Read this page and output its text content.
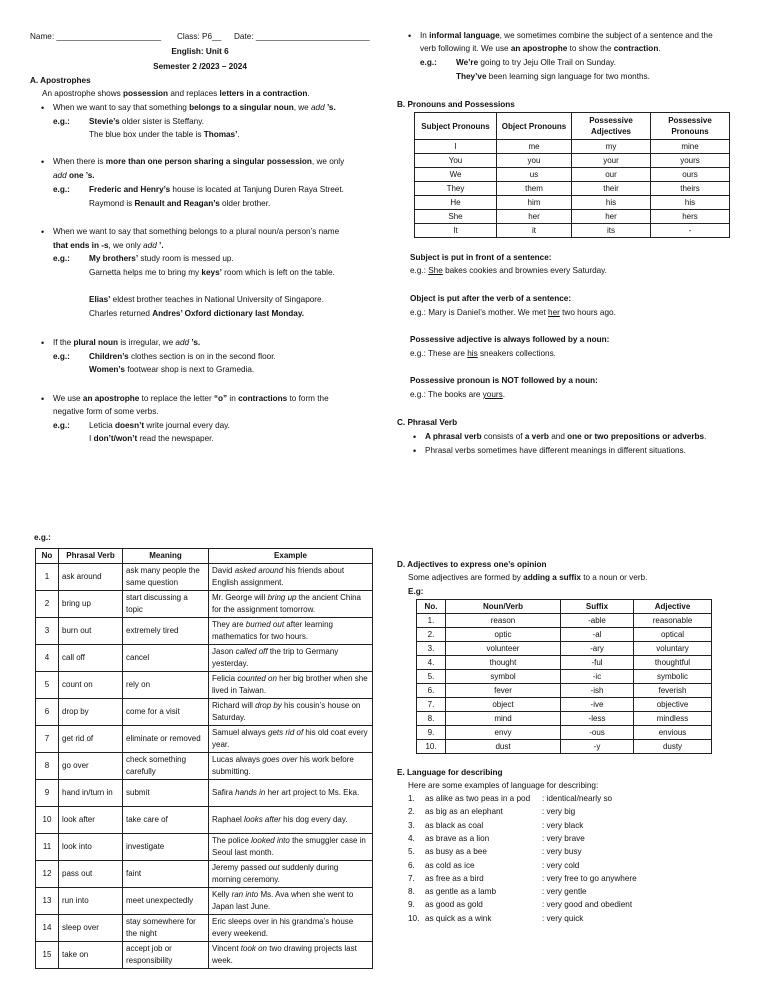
Name: _______________________ Class: P6__ Date: _________________________
English: Unit 6
Semester 2 /2023 – 2024
A. Apostrophes
An apostrophe shows possession and replaces letters in a contraction.
• When we want to say that something belongs to a singular noun, we add ’s.
e.g.: Stevie’s older sister is Steffany.
The blue box under the table is Thomas’.
• When there is more than one person sharing a singular possession, we only
add one ’s.
e.g.: Frederic and Henry’s house is located at Tanjung Duren Raya Street.
Raymond is Renault and Reagan’s older brother.
• When we want to say that something belongs to a plural noun/a person’s name
that ends in -s, we only add ’.
e.g.: My brothers’ study room is messed up.
Garnetta helps me to bring my keys’ room which is left on the table.
Elias’ eldest brother teaches in National University of Singapore.
Charles returned Andres’ Oxford dictionary last Monday.
• If the plural noun is irregular, we add ’s.
e.g.: Children’s clothes section is on in the second floor.
Women’s footwear shop is next to Gramedia.
• We use an apostrophe to replace the letter “o” in contractions to form the
negative form of some verbs.
e.g.: Leticia doesn’t write journal every day.
I don’t/won’t read the newspaper.
• In informal language, we sometimes combine the subject of a sentence and the
verb following it. We use an apostrophe to show the contraction.
e.g.: We’re going to try Jeju Olle Trail on Sunday.
They’ve been learning sign language for two months.
B. Pronouns and Possessions
Subject Pronouns	Object Pronouns	Possessive Adjectives	Possessive Pronouns
I	me	my	mine
You	you	your	yours
We	us	our	ours
They	them	their	theirs
He	him	his	his
She	her	her	hers
It	it	its	-
Subject is put in front of a sentence:
e.g.: She bakes cookies and brownies every Saturday.
Object is put after the verb of a sentence:
e.g.: Mary is Daniel’s mother. We met her two hours ago.
Possessive adjective is always followed by a noun:
e.g.: These are his sneakers collections.
Possessive pronoun is NOT followed by a noun:
e.g.: The books are yours.
C. Phrasal Verb
• A phrasal verb consists of a verb and one or two prepositions or adverbs.
• Phrasal verbs sometimes have different meanings in different situations.
e.g.:
No	Phrasal Verb	Meaning	Example
1	ask around	ask many people the same question	David asked around his friends about English assignment.
2	bring up	start discussing a topic	Mr. George will bring up the ancient China for the assignment tomorrow.
3	burn out	extremely tired	They are burned out after learning mathematics for two hours.
4	call off	cancel	Jason called off the trip to Germany yesterday.
5	count on	rely on	Felicia counted on her big brother when she lived in Taiwan.
6	drop by	come for a visit	Richard will drop by his cousin’s house on Saturday.
7	get rid of	eliminate or removed	Samuel always gets rid of his old coat every year.
8	go over	check something carefully	Lucas always goes over his work before submitting.
9	hand in/turn in	submit	Safira hands in her art project to Ms. Eka.
10	look after	take care of	Raphael looks after his dog every day.
11	look into	investigate	The police looked into the smuggler case in Seoul last month.
12	pass out	faint	Jeremy passed out suddenly during morning ceremony.
13	run into	meet unexpectedly	Kelly ran into Ms. Ava when she went to Japan last June.
14	sleep over	stay somewhere for the night	Eric sleeps over in his grandma’s house every weekend.
15	take on	accept job or responsibility	Vincent took on two drawing projects last week.
D. Adjectives to express one’s opinion
Some adjectives are formed by adding a suffix to a noun or verb.
E.g:
No.	Noun/Verb	Suffix	Adjective
1.	reason	-able	reasonable
2.	optic	-al	optical
3.	volunteer	-ary	voluntary
4.	thought	-ful	thoughtful
5.	symbol	-ic	symbolic
6.	fever	-ish	feverish
7.	object	-ive	objective
8.	mind	-less	mindless
9.	envy	-ous	envious
10.	dust	-y	dusty
E. Language for describing
Here are some examples of language for describing:
1. as alike as two peas in a pod : identical/nearly so
2. as big as an elephant	: very big
3. as black as coal	: very black
4. as brave as a lion	: very brave
5. as busy as a bee	: very busy
6. as cold as ice	: very cold
7. as free as a bird	: very free to go anywhere
8. as gentle as a lamb	: very gentle
9. as good as gold	: very good and obedient
10. as quick as a wink	: very quick
